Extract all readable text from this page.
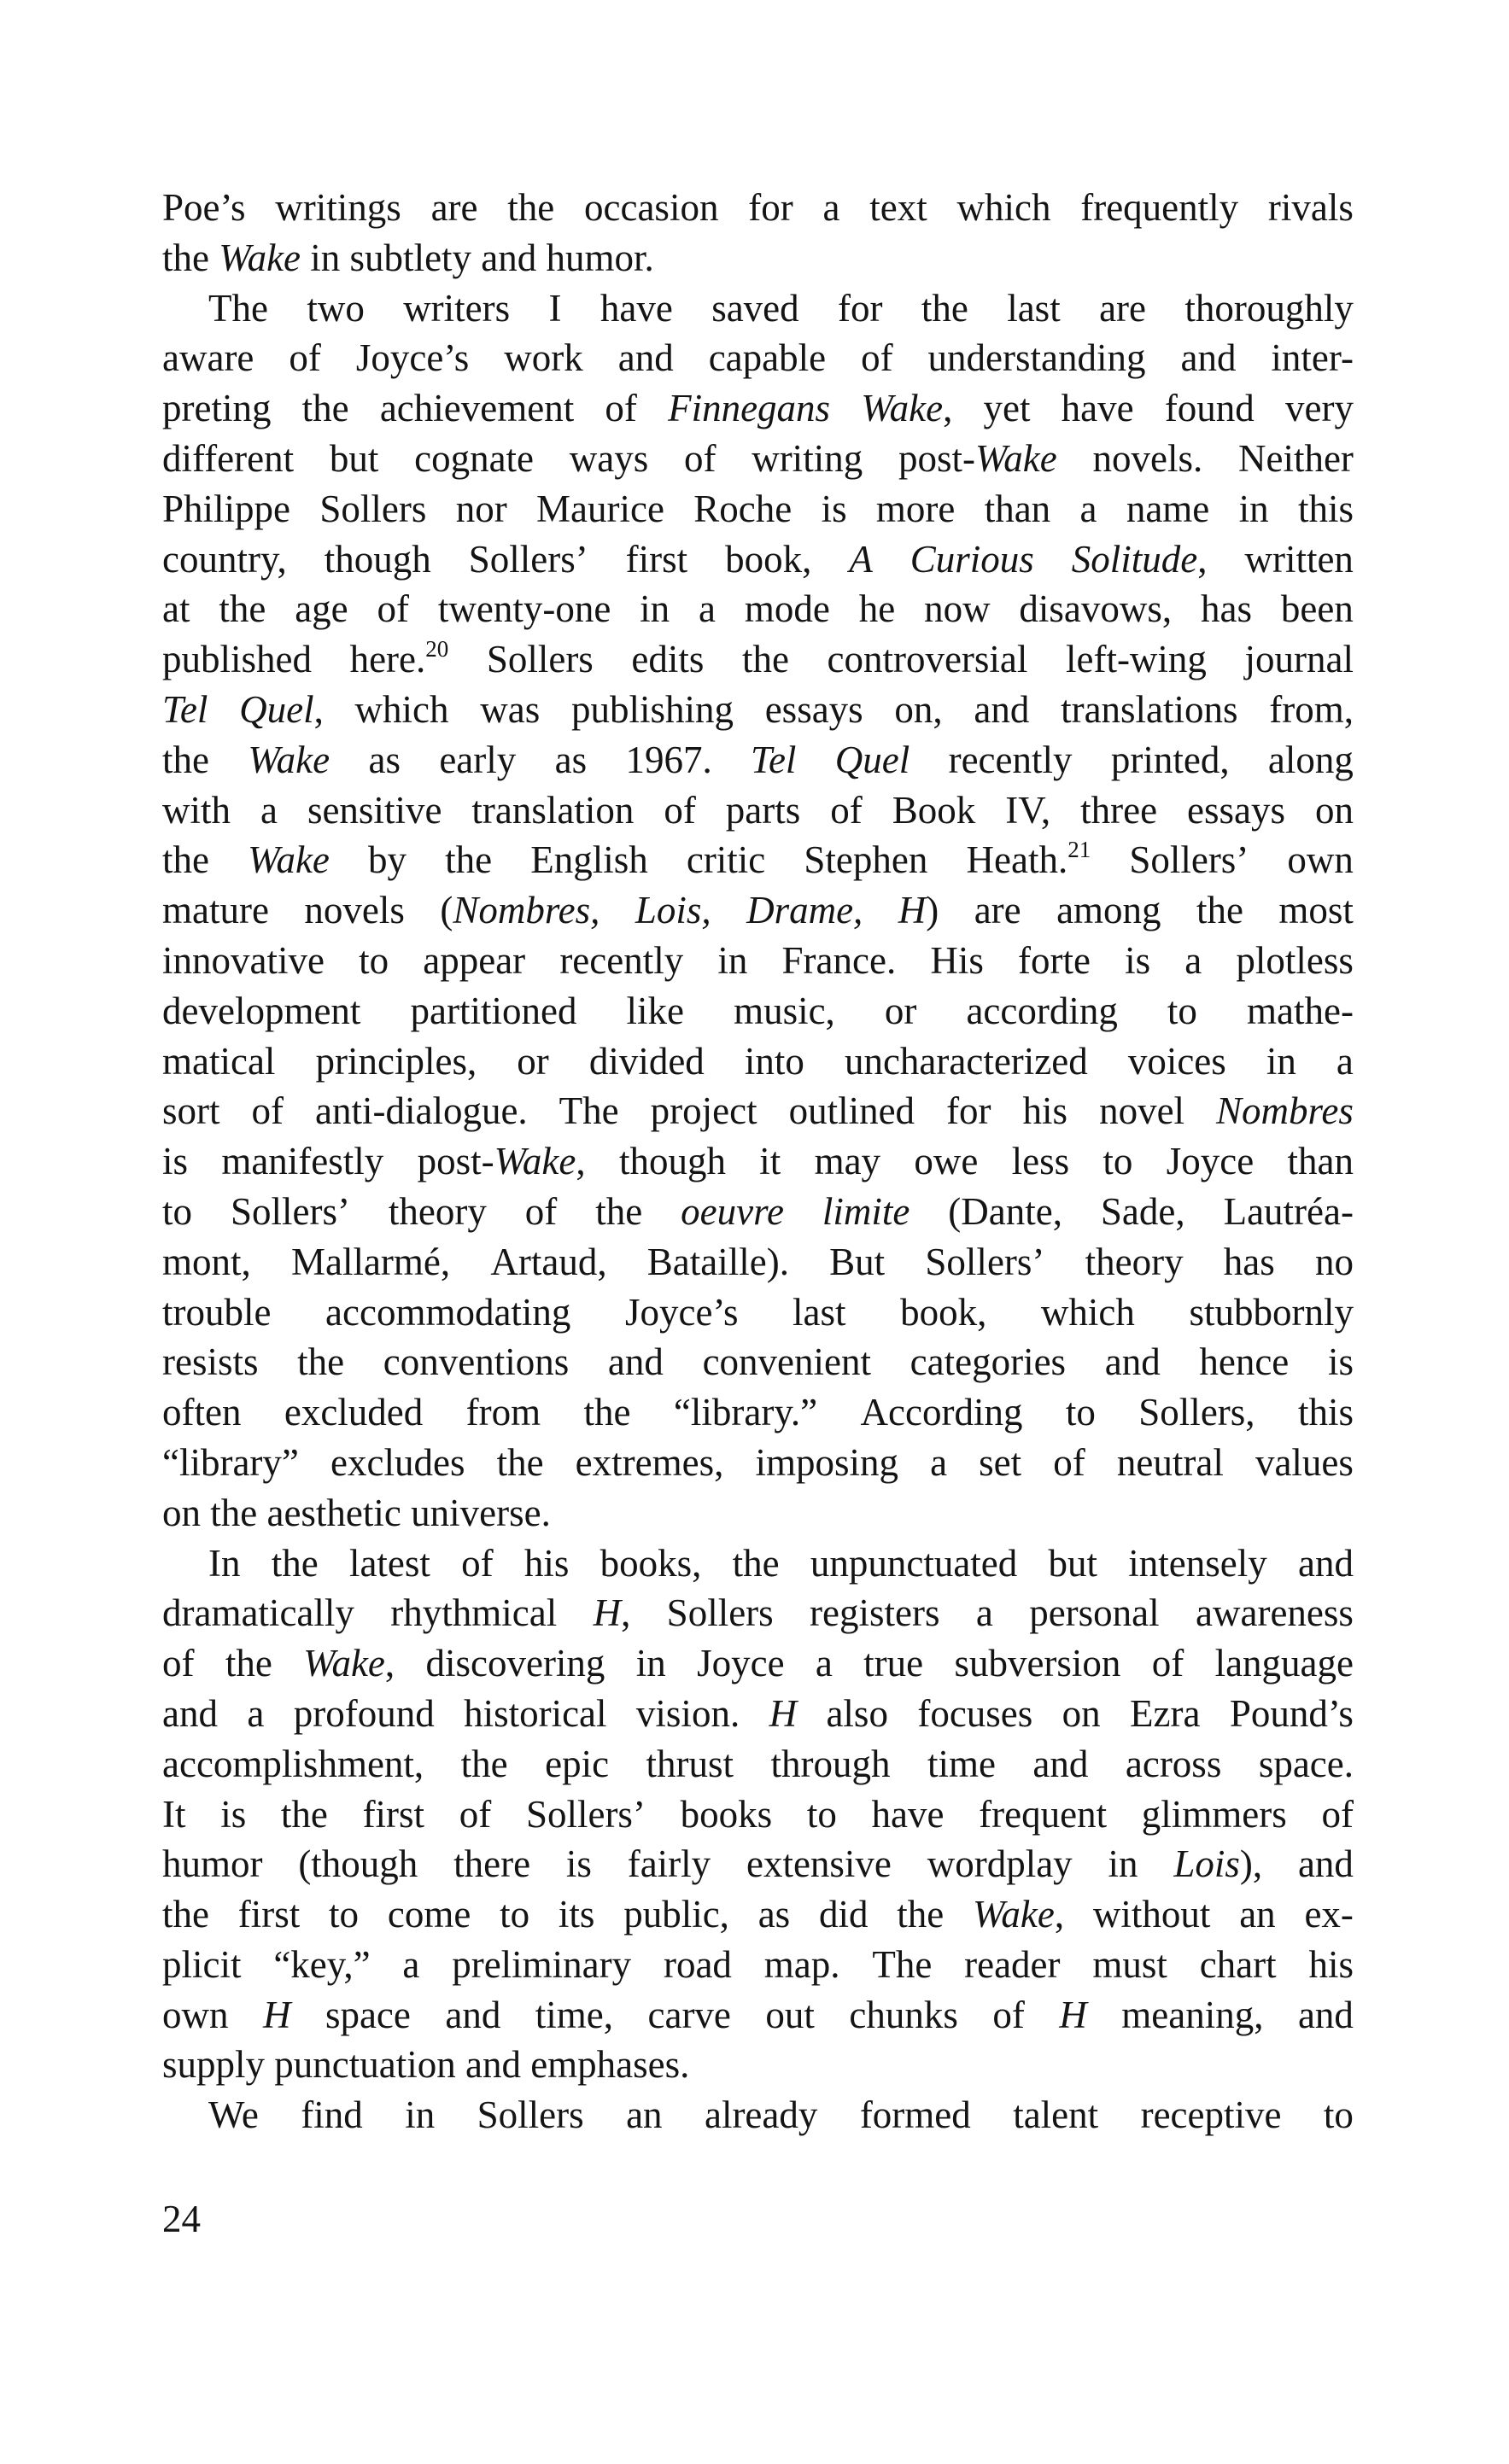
Poe’s writings are the occasion for a text which frequently rivals
the Wake in subtlety and humor.
The two writers I have saved for the last are thoroughly
aware of Joyce’s work and capable of understanding and inter-
preting the achievement of Finnegans Wake, yet have found very
different but cognate ways of writing post-Wake novels. Neither
Philippe Sollers nor Maurice Roche is more than a name in this
country, though Sollers’ first book, A Curious Solitude, written
at the age of twenty-one in a mode he now disavows, has been
published here.$^{20}$ Sollers edits the controversial left-wing journal
Tel Quel, which was publishing essays on, and translations from,
the Wake as early as 1967. Tel Quel recently printed, along
with a sensitive translation of parts of Book IV, three essays on
the Wake by the English critic Stephen Heath.$^{21}$ Sollers’ own
mature novels (Nombres, Lois, Drame, H) are among the most
innovative to appear recently in France. His forte is a plotless
development partitioned like music, or according to mathe-
matical principles, or divided into uncharacterized voices in a
sort of anti-dialogue. The project outlined for his novel Nombres
is manifestly post-Wake, though it may owe less to Joyce than
to Sollers’ theory of the oeuvre limite (Dante, Sade, Lautréa-
mont, Mallarmé, Artaud, Bataille). But Sollers’ theory has no
trouble accommodating Joyce’s last book, which stubbornly
resists the conventions and convenient categories and hence is
often excluded from the “library.” According to Sollers, this
“library” excludes the extremes, imposing a set of neutral values
on the aesthetic universe.
In the latest of his books, the unpunctuated but intensely and
dramatically rhythmical H, Sollers registers a personal awareness
of the Wake, discovering in Joyce a true subversion of language
and a profound historical vision. H also focuses on Ezra Pound’s
accomplishment, the epic thrust through time and across space.
It is the first of Sollers’ books to have frequent glimmers of
humor (though there is fairly extensive wordplay in Lois), and
the first to come to its public, as did the Wake, without an ex-
plicit “key,” a preliminary road map. The reader must chart his
own H space and time, carve out chunks of H meaning, and
supply punctuation and emphases.
We find in Sollers an already formed talent receptive to
24
